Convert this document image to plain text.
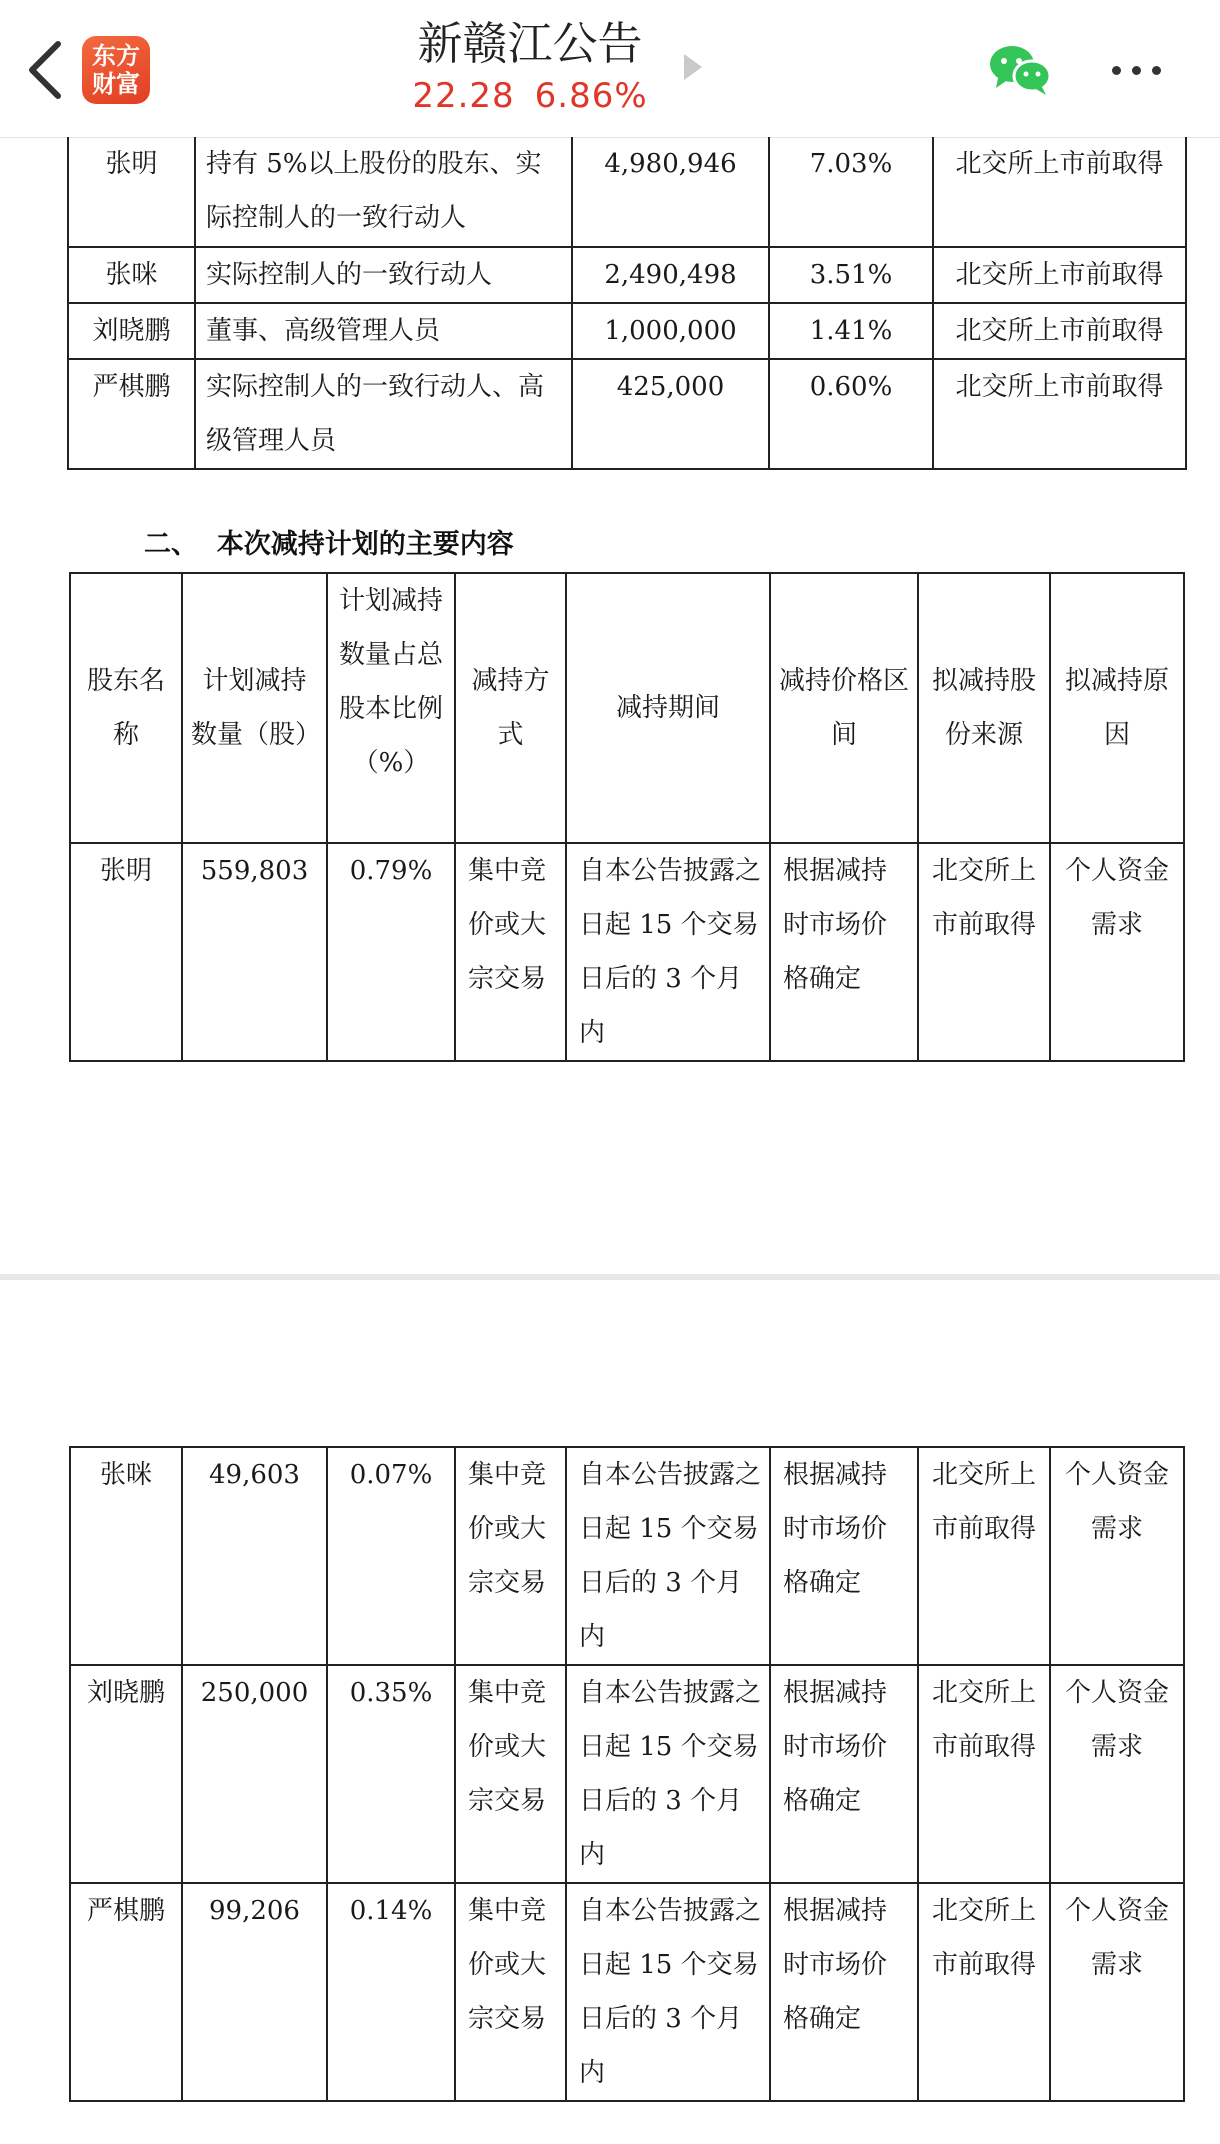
东方
财富
新赣江公告
22.28 6.86%
张明	持有 5%以上股份的股东、实际控制人的一致行动人	4,980,946	7.03%	北交所上市前取得
张咪	实际控制人的一致行动人	2,490,498	3.51%	北交所上市前取得
刘晓鹏	董事、高级管理人员	1,000,000	1.41%	北交所上市前取得
严棋鹏	实际控制人的一致行动人、高级管理人员	425,000	0.60%	北交所上市前取得
二、  本次减持计划的主要内容
股东名称	计划减持数量（股）	计划减持数量占总股本比例（%）	减持方式	减持期间	减持价格区间	拟减持股份来源	拟减持原因
张明	559,803	0.79%	集中竞价或大宗交易	自本公告披露之日起 15 个交易日后的 3 个月内	根据减持时市场价格确定	北交所上市前取得	个人资金需求
张咪	49,603	0.07%	集中竞价或大宗交易	自本公告披露之日起 15 个交易日后的 3 个月内	根据减持时市场价格确定	北交所上市前取得	个人资金需求
刘晓鹏	250,000	0.35%	集中竞价或大宗交易	自本公告披露之日起 15 个交易日后的 3 个月内	根据减持时市场价格确定	北交所上市前取得	个人资金需求
严棋鹏	99,206	0.14%	集中竞价或大宗交易	自本公告披露之日起 15 个交易日后的 3 个月内	根据减持时市场价格确定	北交所上市前取得	个人资金需求
